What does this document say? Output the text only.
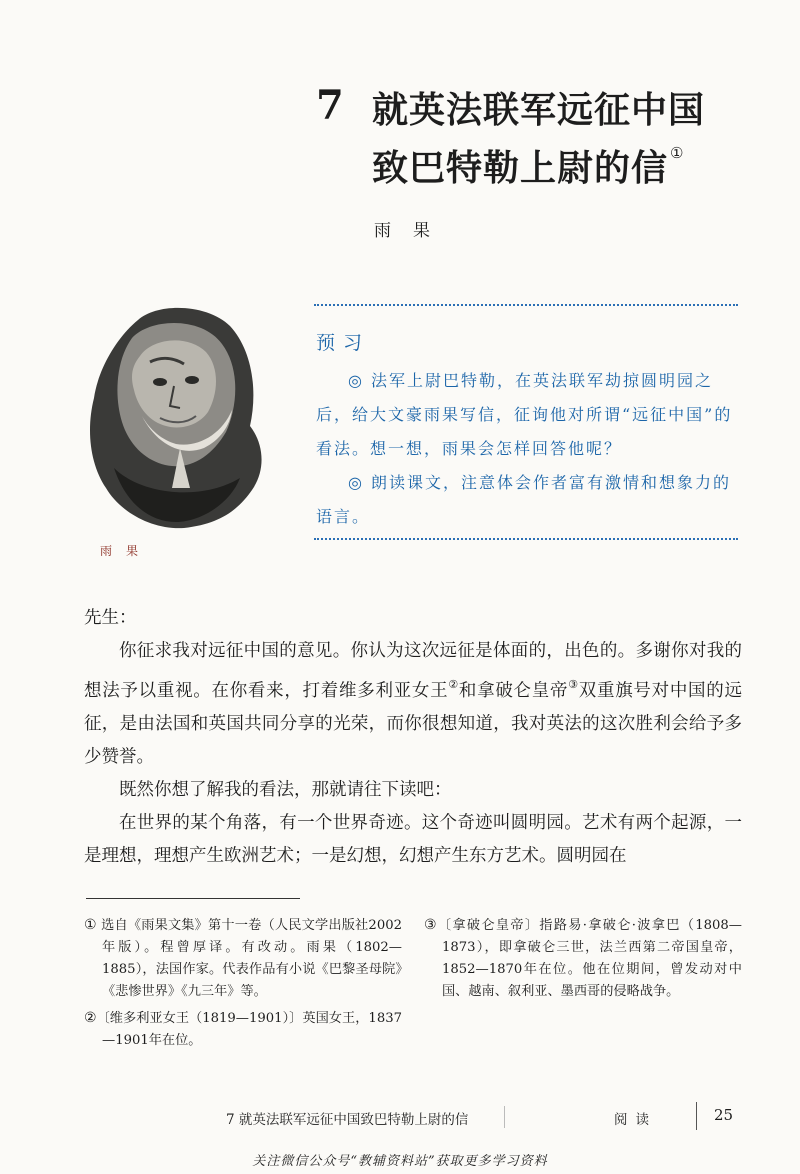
7 就英法联军远征中国
致巴特勒上尉的信 ①
雨果
雨果
预习

◎ 法军上尉巴特勒，在英法联军劫掠圆明园之后，给大文豪雨果写信，征询他对所谓“远征中国”的看法。想一想，雨果会怎样回答他呢？

◎ 朗读课文，注意体会作者富有激情和想象力的语言。

先生：

你征求我对远征中国的意见。你认为这次远征是体面的，出色的。多谢你对我的想法予以重视。在你看来，打着维多利亚女王②和拿破仑皇帝③双重旗号对中国的远征，是由法国和英国共同分享的光荣，而你很想知道，我对英法的这次胜利会给予多少赞誉。

既然你想了解我的看法，那就请往下读吧：

在世界的某个角落，有一个世界奇迹。这个奇迹叫圆明园。艺术有两个起源，一是理想，理想产生欧洲艺术；一是幻想，幻想产生东方艺术。圆明园在

① 选自《雨果文集》第十一卷（人民文学出版社2002年版）。程曾厚译。有改动。雨果（1802—1885），法国作家。代表作品有小说《巴黎圣母院》《悲惨世界》《九三年》等。

②〔维多利亚女王（1819—1901）〕英国女王，1837—1901年在位。

③〔拿破仑皇帝〕指路易·拿破仑·波拿巴（1808—1873），即拿破仑三世，法兰西第二帝国皇帝，1852—1870年在位。他在位期间，曾发动对中国、越南、叙利亚、墨西哥的侵略战争。

7 就英法联军远征中国致巴特勒上尉的信	阅读	25
关注微信公众号“教辅资料站”获取更多学习资料
